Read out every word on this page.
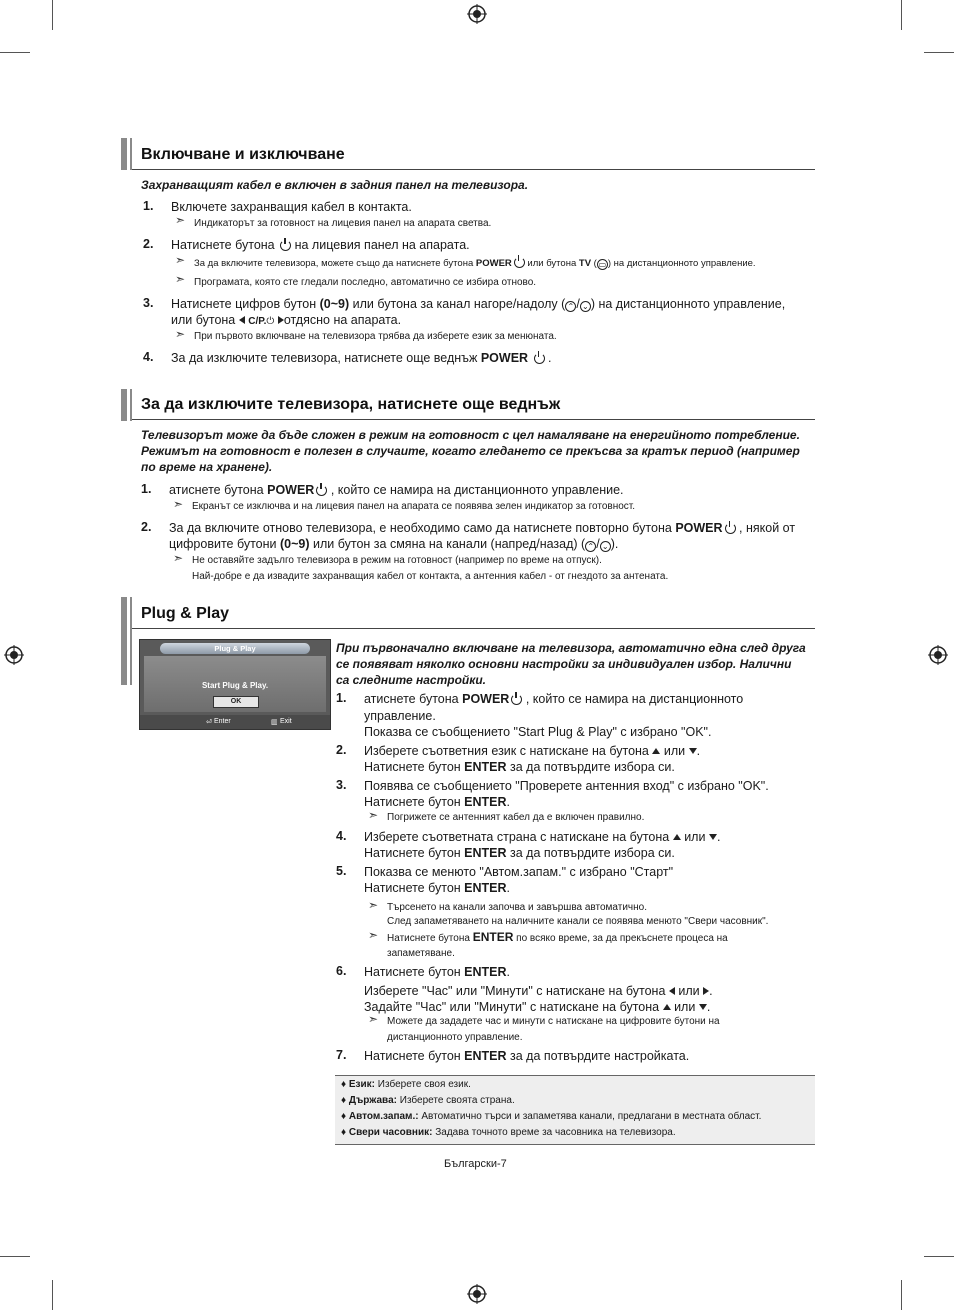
Включване и изключване
Захранващият кабел е включен в задния панел на телевизора.
1. Включете захранващия кабел в контакта.
➣ Индикаторът за готовност на лицевия панел на апарата светва.
2. Натиснете бутона на лицевия панел на апарата.
➣ За да включите телевизора, можете също да натиснете бутона POWER или бутона TV ( ▭ ) на дистанционното управление.
➣ Програмата, която сте гледали последно, автоматично се избира отново.
3. Натиснете цифров бутон (0~9) или бутона за канал нагоре/надолу ( ⌃ / ⌄ ) на дистанционното управление,
или бутона C/P.⏻ отдясно на апарата.
➣ При първото включване на телевизора трябва да изберете език за менюната.
4. За да изключите телевизора, натиснете още веднъж POWER .
За да изключите телевизора, натиснете още веднъж
Телевизорът може да бъде сложен в режим на готовност с цел намаляване на енергийното потребление. Режимът на готовност е полезен в случаите, когато гледането се прекъсва за кратък период (например по време на хранене).
1. атиснете бутона POWER , който се намира на дистанционното управление.
➣ Екранът се изключва и на лицевия панел на апарата се появява зелен индикатор за готовност.
2. За да включите отново телевизора, е необходимо само да натиснете повторно бутона POWER , някой от
цифровите бутони (0~9) или бутон за смяна на канали (напред/назад) ( ⌃ / ⌄ ).
➣ Не оставяйте задълго телевизора в режим на готовност (например по време на отпуск).
Най-добре е да извадите захранващия кабел от контакта, а антенния кабел - от гнездото за антената.
Plug & Play
Plug & Play
Start Plug & Play.
OK
⏎ Enter	▥ Exit
При първоначално включване на телевизора, автоматично една след друга се появяват няколко основни настройки за индивидуален избор. Налични са следните настройки.
1. атиснете бутона POWER , който се намира на дистанционното
управление.
Показва се съобщението "Start Plug & Play" с избрано "OK".
2. Изберете съответния език с натискане на бутона или .
Натиснете бутон ENTER за да потвърдите избора си.
3. Появява се съобщението "Проверете антенния вход" с избрано "OK".
Натиснете бутон ENTER.
➣ Погрижете се антенният кабел да е включен правилно.
4. Изберете съответната страна с натискане на бутона или .
Натиснете бутон ENTER за да потвърдите избора си.
5. Показва се менюто "Автом.запам." с избрано "Старт"
Натиснете бутон ENTER.
➣ Търсенето на канали започва и завършва автоматично.
След запаметяването на наличните канали се появява менюто "Свери часовник".
➣ Натиснете бутона ENTER по всяко време, за да прекъснете процеса на
запаметяване.
6. Натиснете бутон ENTER.
Изберете "Час" или "Минути" с натискане на бутона или .
Задайте "Час" или "Минути" с натискане на бутона или .
➣ Можете да зададете час и минути с натискане на цифровите бутони на
дистанционното управление.
7. Натиснете бутон ENTER за да потвърдите настройката.
♦ Език: Изберете своя език.
♦ Държава: Изберете своята страна.
♦ Автом.запам.: Автоматично търси и запаметява канали, предлагани в местната област.
♦ Свери часовник: Задава точното време за часовника на телевизора.
Български-7
